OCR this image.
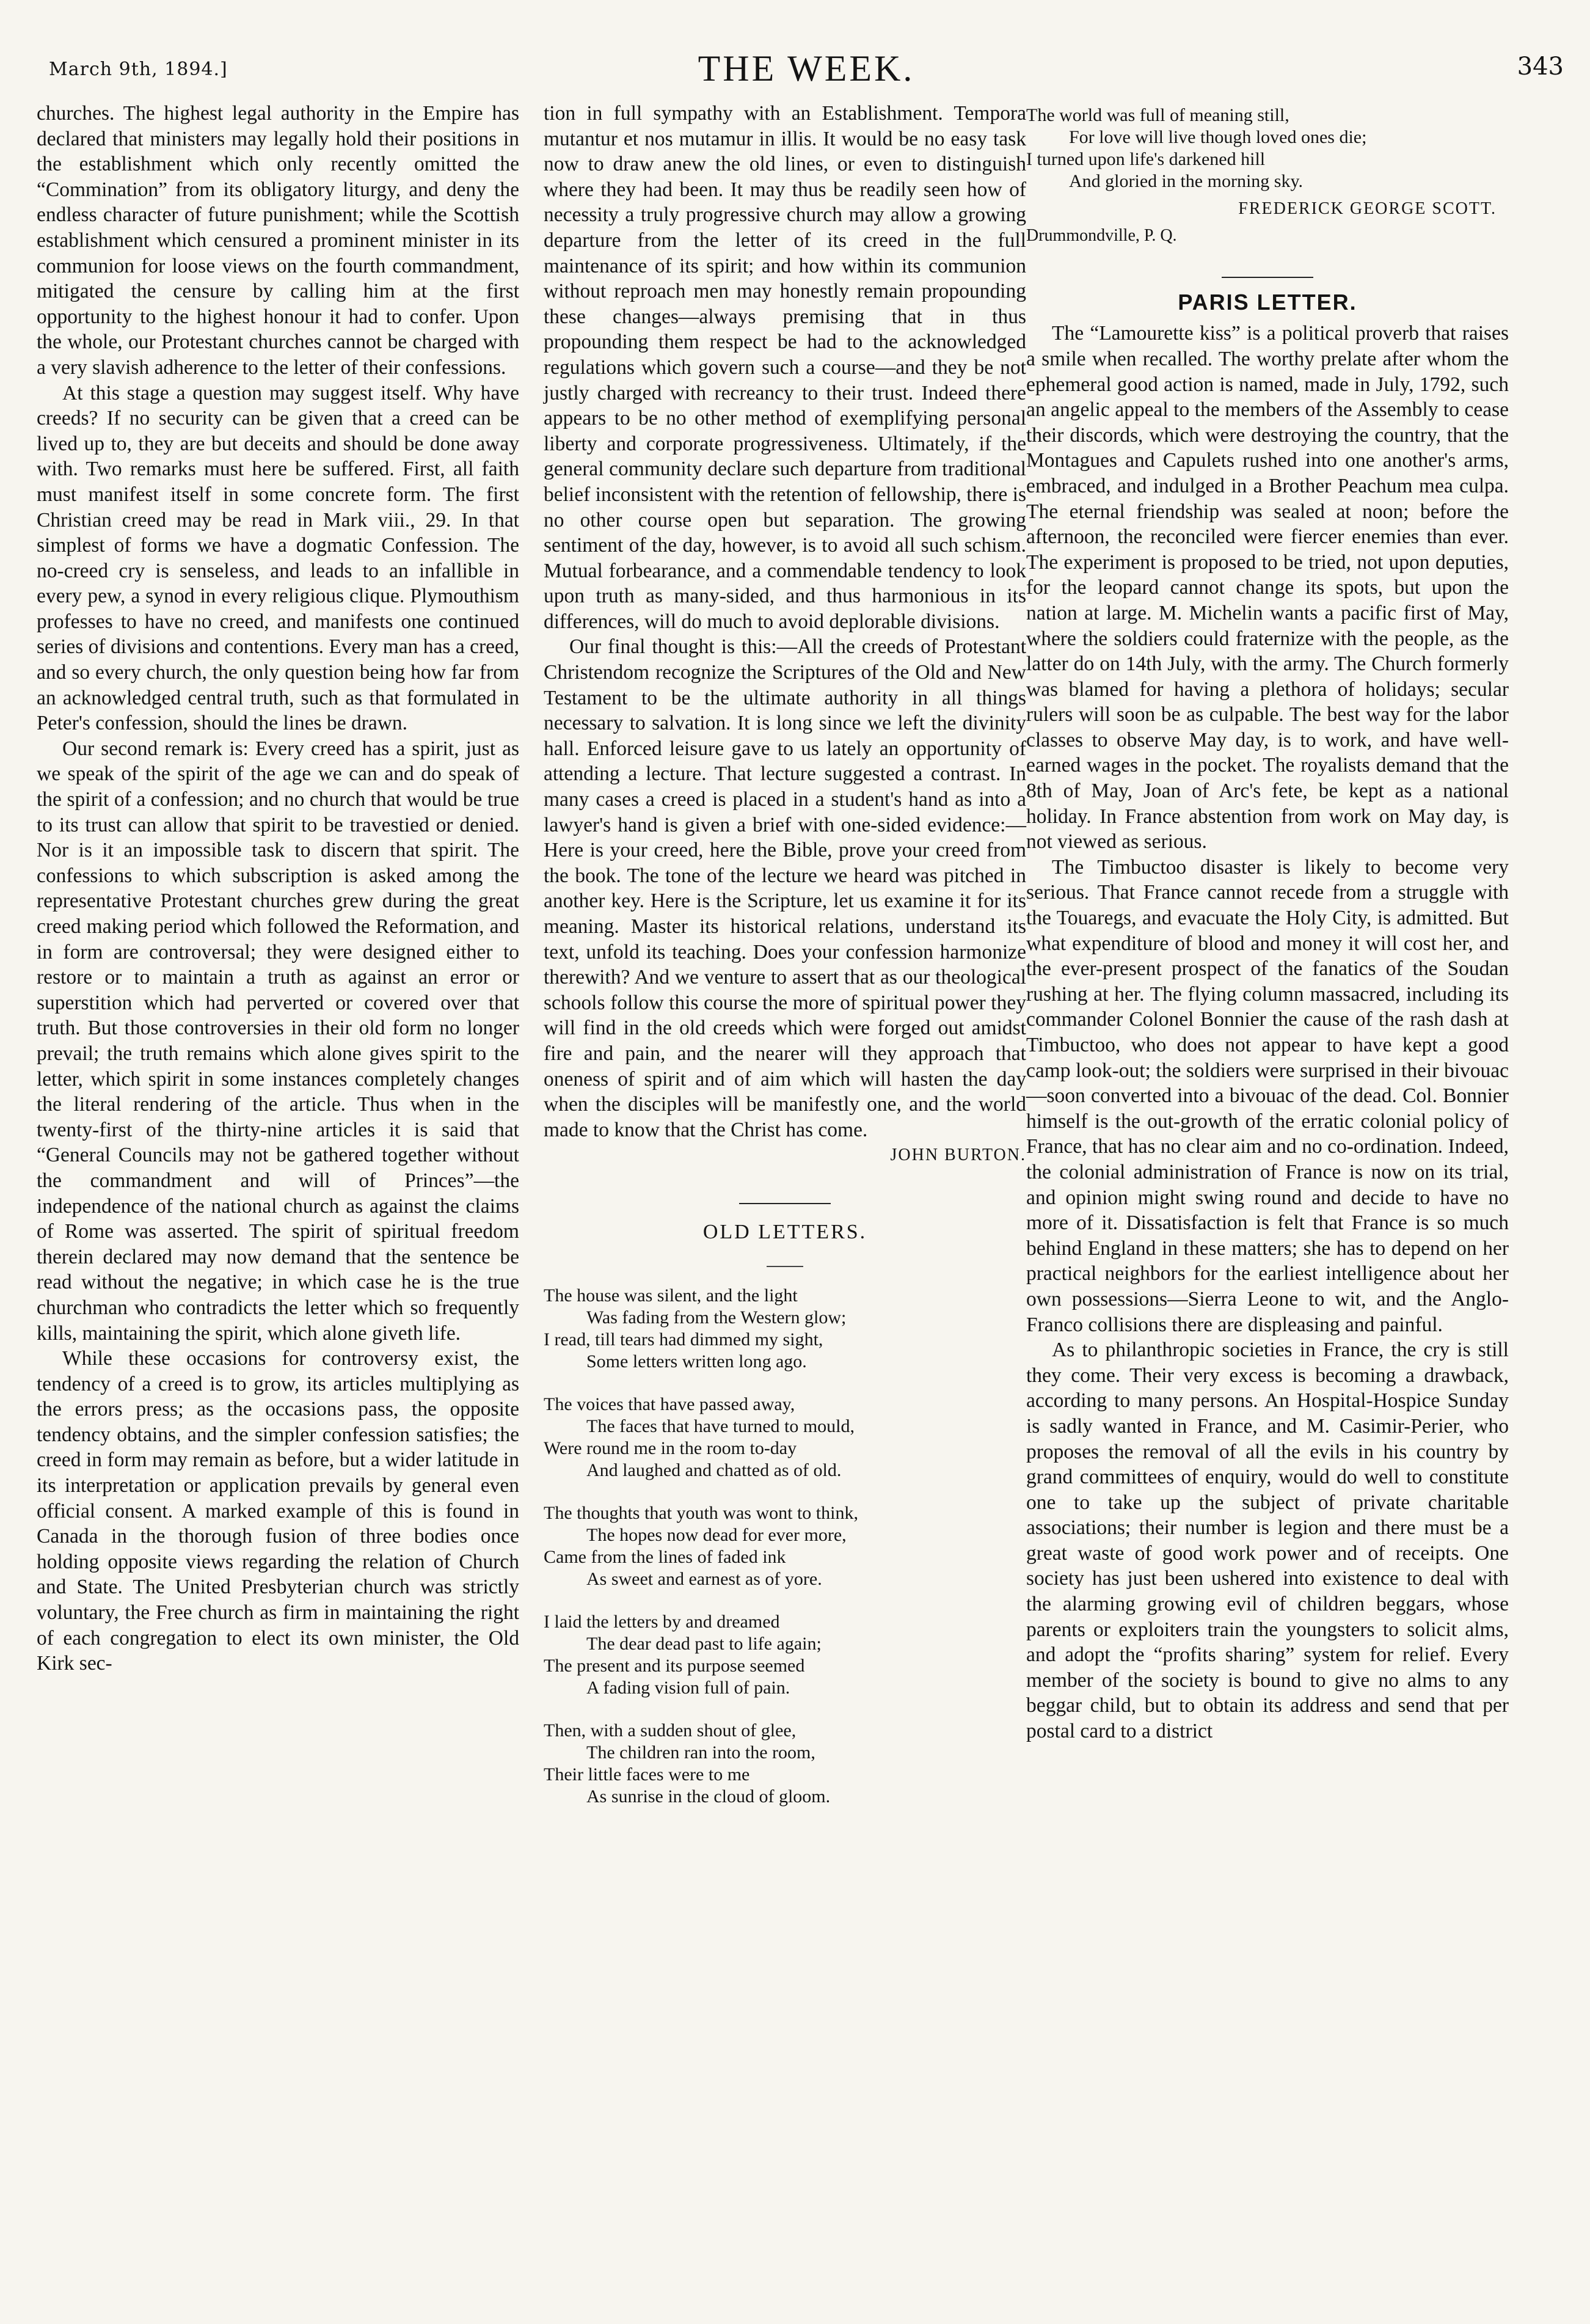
March 9th, 1894.]	THE WEEK.	343

churches. The highest legal authority in the Empire has declared that ministers may legally hold their positions in the establishment which only recently omitted the “Commination” from its obligatory liturgy, and deny the endless character of future punishment; while the Scottish establishment which censured a prominent minister in its communion for loose views on the fourth commandment, mitigated the censure by calling him at the first opportunity to the highest honour it had to confer. Upon the whole, our Protestant churches cannot be charged with a very slavish adherence to the letter of their confessions.

At this stage a question may suggest itself. Why have creeds? If no security can be given that a creed can be lived up to, they are but deceits and should be done away with. Two remarks must here be suffered. First, all faith must manifest itself in some concrete form. The first Christian creed may be read in Mark viii., 29. In that simplest of forms we have a dogmatic Confession. The no-creed cry is senseless, and leads to an infallible in every pew, a synod in every religious clique. Plymouthism professes to have no creed, and manifests one continued series of divisions and contentions. Every man has a creed, and so every church, the only question being how far from an acknowledged central truth, such as that formulated in Peter's confession, should the lines be drawn.

Our second remark is: Every creed has a spirit, just as we speak of the spirit of the age we can and do speak of the spirit of a confession; and no church that would be true to its trust can allow that spirit to be travestied or denied. Nor is it an impossible task to discern that spirit. The confessions to which subscription is asked among the representative Protestant churches grew during the great creed making period which followed the Reformation, and in form are controversal; they were designed either to restore or to maintain a truth as against an error or superstition which had perverted or covered over that truth. But those controversies in their old form no longer prevail; the truth remains which alone gives spirit to the letter, which spirit in some instances completely changes the literal rendering of the article. Thus when in the twenty-first of the thirty-nine articles it is said that “General Councils may not be gathered together without the commandment and will of Princes”—the independence of the national church as against the claims of Rome was asserted. The spirit of spiritual freedom therein declared may now demand that the sentence be read without the negative; in which case he is the true churchman who contradicts the letter which so frequently kills, maintaining the spirit, which alone giveth life.

While these occasions for controversy exist, the tendency of a creed is to grow, its articles multiplying as the errors press; as the occasions pass, the opposite tendency obtains, and the simpler confession satisfies; the creed in form may remain as before, but a wider latitude in its interpretation or application prevails by general even official consent. A marked example of this is found in Canada in the thorough fusion of three bodies once holding opposite views regarding the relation of Church and State. The United Presbyterian church was strictly voluntary, the Free church as firm in maintaining the right of each congregation to elect its own minister, the Old Kirk sec-

tion in full sympathy with an Establishment. Tempora mutantur et nos mutamur in illis. It would be no easy task now to draw anew the old lines, or even to distinguish where they had been. It may thus be readily seen how of necessity a truly progressive church may allow a growing departure from the letter of its creed in the full maintenance of its spirit; and how within its communion without reproach men may honestly remain propounding these changes—always premising that in thus propounding them respect be had to the acknowledged regulations which govern such a course—and they be not justly charged with recreancy to their trust. Indeed there appears to be no other method of exemplifying personal liberty and corporate progressiveness. Ultimately, if the general community declare such departure from traditional belief inconsistent with the retention of fellowship, there is no other course open but separation. The growing sentiment of the day, however, is to avoid all such schism. Mutual forbearance, and a commendable tendency to look upon truth as many-sided, and thus harmonious in its differences, will do much to avoid deplorable divisions.

Our final thought is this:—All the creeds of Protestant Christendom recognize the Scriptures of the Old and New Testament to be the ultimate authority in all things necessary to salvation. It is long since we left the divinity hall. Enforced leisure gave to us lately an opportunity of attending a lecture. That lecture suggested a contrast. In many cases a creed is placed in a student's hand as into a lawyer's hand is given a brief with one-sided evidence:—Here is your creed, here the Bible, prove your creed from the book. The tone of the lecture we heard was pitched in another key. Here is the Scripture, let us examine it for its meaning. Master its historical relations, understand its text, unfold its teaching. Does your confession harmonize therewith? And we venture to assert that as our theological schools follow this course the more of spiritual power they will find in the old creeds which were forged out amidst fire and pain, and the nearer will they approach that oneness of spirit and of aim which will hasten the day when the disciples will be manifestly one, and the world made to know that the Christ has come.

JOHN BURTON.

OLD LETTERS.
The house was silent, and the light
Was fading from the Western glow;
I read, till tears had dimmed my sight,
Some letters written long ago.
The voices that have passed away,
The faces that have turned to mould,
Were round me in the room to-day
And laughed and chatted as of old.
The thoughts that youth was wont to think,
The hopes now dead for ever more,
Came from the lines of faded ink
As sweet and earnest as of yore.
I laid the letters by and dreamed
The dear dead past to life again;
The present and its purpose seemed
A fading vision full of pain.
Then, with a sudden shout of glee,
The children ran into the room,
Their little faces were to me
As sunrise in the cloud of gloom.
The world was full of meaning still,
For love will live though loved ones die;
I turned upon life's darkened hill
And gloried in the morning sky.
FREDERICK GEORGE SCOTT.
Drummondville, P. Q.
PARIS LETTER.

The “Lamourette kiss” is a political proverb that raises a smile when recalled. The worthy prelate after whom the ephemeral good action is named, made in July, 1792, such an angelic appeal to the members of the Assembly to cease their discords, which were destroying the country, that the Montagues and Capulets rushed into one another's arms, embraced, and indulged in a Brother Peachum mea culpa. The eternal friendship was sealed at noon; before the afternoon, the reconciled were fiercer enemies than ever. The experiment is proposed to be tried, not upon deputies, for the leopard cannot change its spots, but upon the nation at large. M. Michelin wants a pacific first of May, where the soldiers could fraternize with the people, as the latter do on 14th July, with the army. The Church formerly was blamed for having a plethora of holidays; secular rulers will soon be as culpable. The best way for the labor classes to observe May day, is to work, and have well-earned wages in the pocket. The royalists demand that the 8th of May, Joan of Arc's fete, be kept as a national holiday. In France abstention from work on May day, is not viewed as serious.

The Timbuctoo disaster is likely to become very serious. That France cannot recede from a struggle with the Touaregs, and evacuate the Holy City, is admitted. But what expenditure of blood and money it will cost her, and the ever-present prospect of the fanatics of the Soudan rushing at her. The flying column massacred, including its commander Colonel Bonnier the cause of the rash dash at Timbuctoo, who does not appear to have kept a good camp look-out; the soldiers were surprised in their bivouac—soon converted into a bivouac of the dead. Col. Bonnier himself is the out-growth of the erratic colonial policy of France, that has no clear aim and no co-ordination. Indeed, the colonial administration of France is now on its trial, and opinion might swing round and decide to have no more of it. Dissatisfaction is felt that France is so much behind England in these matters; she has to depend on her practical neighbors for the earliest intelligence about her own possessions—Sierra Leone to wit, and the Anglo-Franco collisions there are displeasing and painful.

As to philanthropic societies in France, the cry is still they come. Their very excess is becoming a drawback, according to many persons. An Hospital-Hospice Sunday is sadly wanted in France, and M. Casimir-Perier, who proposes the removal of all the evils in his country by grand committees of enquiry, would do well to constitute one to take up the subject of private charitable associations; their number is legion and there must be a great waste of good work power and of receipts. One society has just been ushered into existence to deal with the alarming growing evil of children beggars, whose parents or exploiters train the youngsters to solicit alms, and adopt the “profits sharing” system for relief. Every member of the society is bound to give no alms to any beggar child, but to obtain its address and send that per postal card to a district
